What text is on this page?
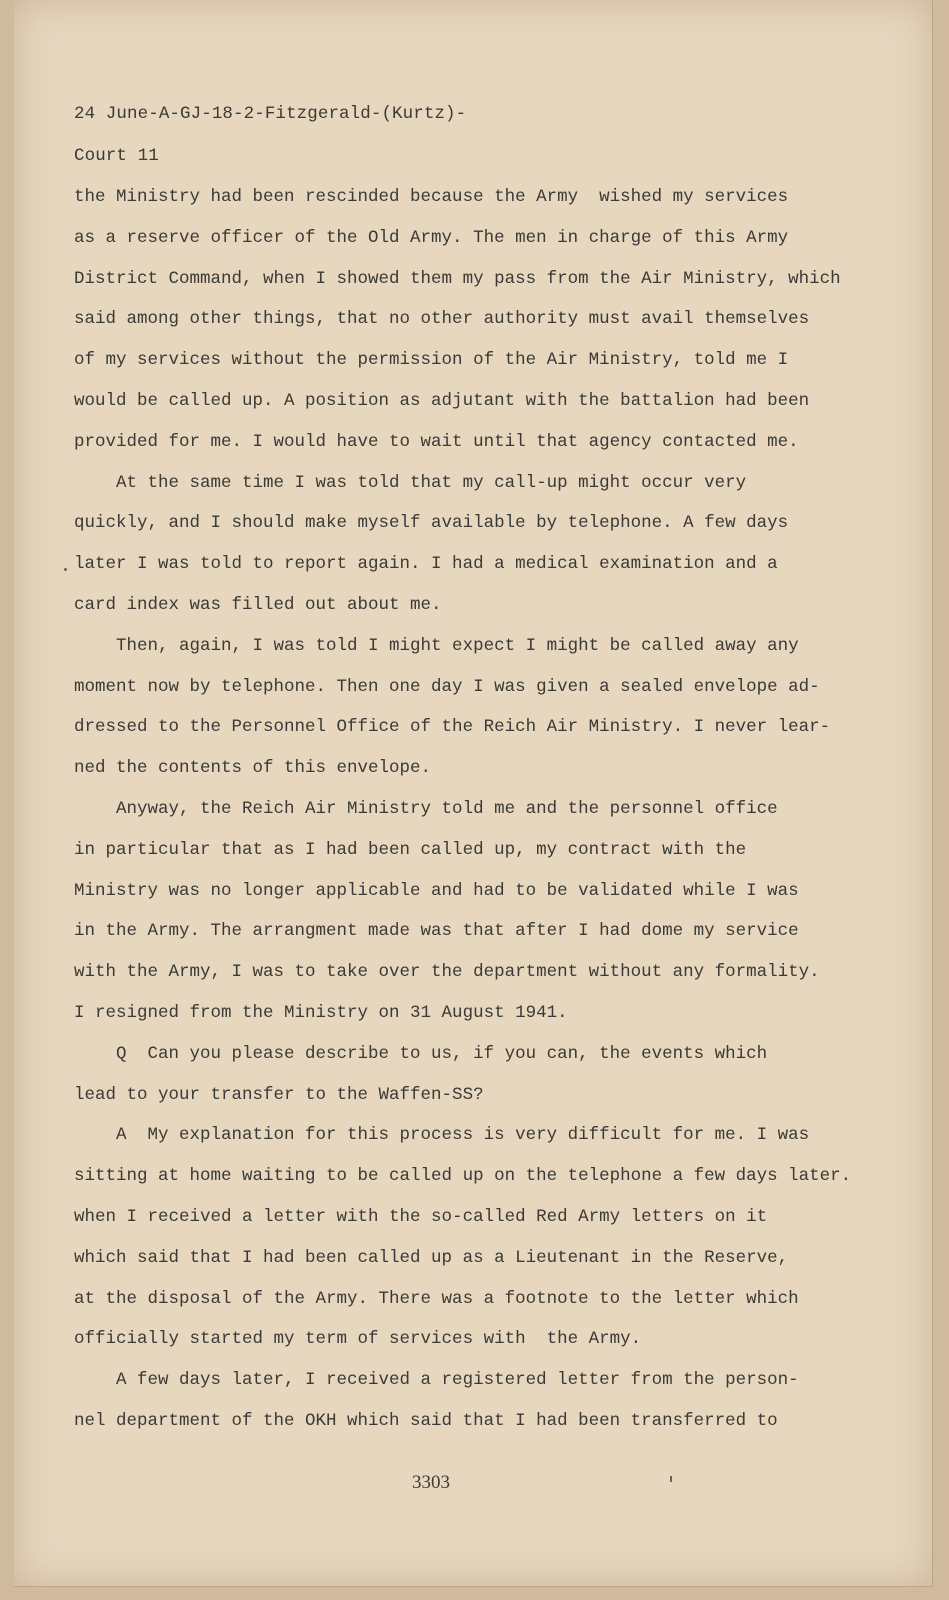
24 June-A-GJ-18-2-Fitzgerald-(Kurtz)-
Court 11
the Ministry had been rescinded because the Army  wished my services
as a reserve officer of the Old Army. The men in charge of this Army
District Command, when I showed them my pass from the Air Ministry, which
said among other things, that no other authority must avail themselves
of my services without the permission of the Air Ministry, told me I
would be called up. A position as adjutant with the battalion had been
provided for me. I would have to wait until that agency contacted me.
At the same time I was told that my call-up might occur very
quickly, and I should make myself available by telephone. A few days
later I was told to report again. I had a medical examination and a
card index was filled out about me.
Then, again, I was told I might expect I might be called away any
moment now by telephone. Then one day I was given a sealed envelope ad-
dressed to the Personnel Office of the Reich Air Ministry. I never lear-
ned the contents of this envelope.
Anyway, the Reich Air Ministry told me and the personnel office
in particular that as I had been called up, my contract with the
Ministry was no longer applicable and had to be validated while I was
in the Army. The arrangment made was that after I had dome my service
with the Army, I was to take over the department without any formality.
I resigned from the Ministry on 31 August 1941.
Q  Can you please describe to us, if you can, the events which
lead to your transfer to the Waffen-SS?
A  My explanation for this process is very difficult for me. I was
sitting at home waiting to be called up on the telephone a few days later.
when I received a letter with the so-called Red Army letters on it
which said that I had been called up as a Lieutenant in the Reserve,
at the disposal of the Army. There was a footnote to the letter which
officially started my term of services with  the Army.
A few days later, I received a registered letter from the person-
nel department of the OKH which said that I had been transferred to
3303
